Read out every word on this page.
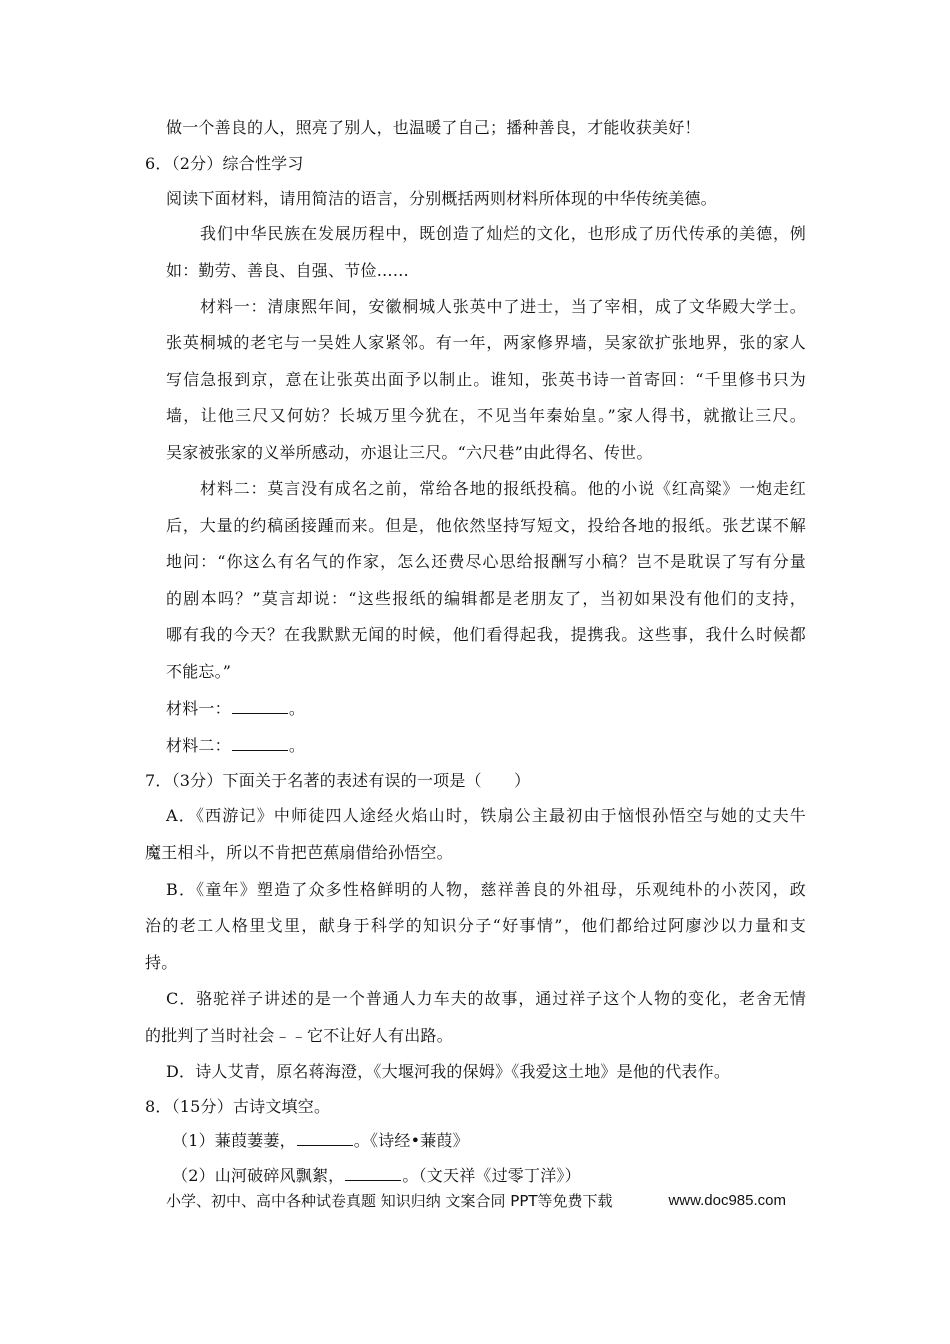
做一个善良的人，照亮了别人，也温暖了自己；播种善良，才能收获美好！
6．（2分）综合性学习
阅读下面材料，请用简洁的语言，分别概括两则材料所体现的中华传统美德。
我们中华民族在发展历程中，既创造了灿烂的文化，也形成了历代传承的美德，例
如：勤劳、善良、自强、节俭……
材料一：清康熙年间，安徽桐城人张英中了进士，当了宰相，成了文华殿大学士。
张英桐城的老宅与一吴姓人家紧邻。有一年，两家修界墙，吴家欲扩张地界，张的家人
写信急报到京，意在让张英出面予以制止。谁知，张英书诗一首寄回：“千里修书只为
墙，让他三尺又何妨？长城万里今犹在，不见当年秦始皇。”家人得书，就撤让三尺。
吴家被张家的义举所感动，亦退让三尺。“六尺巷”由此得名、传世。
材料二：莫言没有成名之前，常给各地的报纸投稿。他的小说《红高粱》一炮走红
后，大量的约稿函接踵而来。但是，他依然坚持写短文，投给各地的报纸。张艺谋不解
地问：“你这么有名气的作家，怎么还费尽心思给报酬写小稿？岂不是耽误了写有分量
的剧本吗？”莫言却说：“这些报纸的编辑都是老朋友了，当初如果没有他们的支持，
哪有我的今天？在我默默无闻的时候，他们看得起我，提携我。这些事，我什么时候都
不能忘。”
材料一：	。
材料二：	。
7．（3分）下面关于名著的表述有误的一项是（　　）
A．《西游记》中师徒四人途经火焰山时，铁扇公主最初由于恼恨孙悟空与她的丈夫牛
魔王相斗，所以不肯把芭蕉扇借给孙悟空。
B．《童年》塑造了众多性格鲜明的人物，慈祥善良的外祖母，乐观纯朴的小茨冈，政
治的老工人格里戈里，献身于科学的知识分子“好事情”，他们都给过阿廖沙以力量和支
持。
C．骆驼祥子讲述的是一个普通人力车夫的故事，通过祥子这个人物的变化，老舍无情
的批判了当时社会﹣﹣它不让好人有出路。
D．诗人艾青，原名蒋海澄，《大堰河我的保姆》《我爱这土地》是他的代表作。
8．（15分）古诗文填空。
（1）蒹葭萋萋，	。《诗经•蒹葭》
（2）山河破碎风飘絮，	。（文天祥《过零丁洋》）
小学、初中、高中各种试卷真题 知识归纳 文案合同 PPT等免费下载	www.doc985.com
